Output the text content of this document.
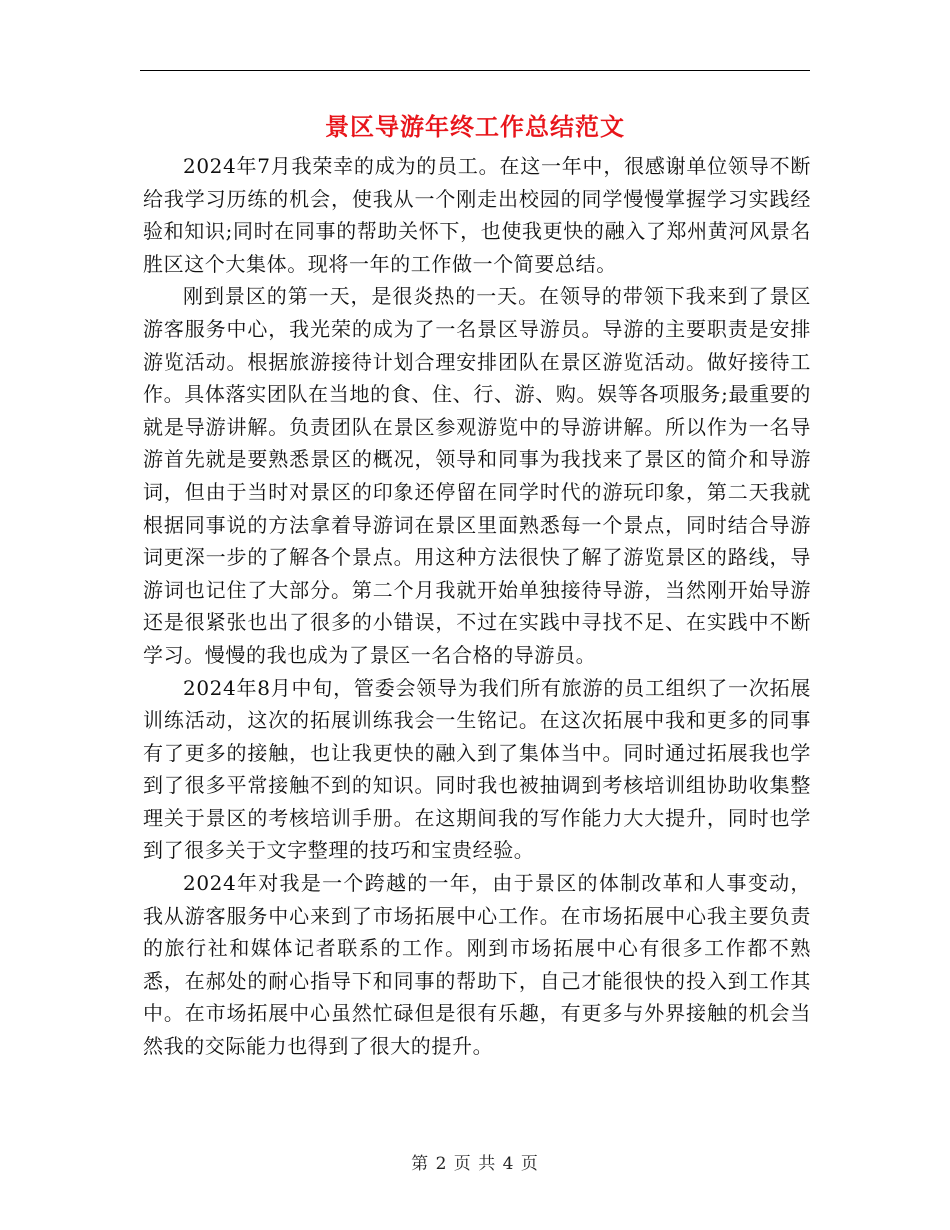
景区导游年终工作总结范文

2024年7月我荣幸的成为的员工。在这一年中，很感谢单位领导不断给我学习历练的机会，使我从一个刚走出校园的同学慢慢掌握学习实践经验和知识;同时在同事的帮助关怀下，也使我更快的融入了郑州黄河风景名胜区这个大集体。现将一年的工作做一个简要总结。

刚到景区的第一天，是很炎热的一天。在领导的带领下我来到了景区游客服务中心，我光荣的成为了一名景区导游员。导游的主要职责是安排游览活动。根据旅游接待计划合理安排团队在景区游览活动。做好接待工作。具体落实团队在当地的食、住、行、游、购。娱等各项服务;最重要的就是导游讲解。负责团队在景区参观游览中的导游讲解。所以作为一名导游首先就是要熟悉景区的概况，领导和同事为我找来了景区的简介和导游词，但由于当时对景区的印象还停留在同学时代的游玩印象，第二天我就根据同事说的方法拿着导游词在景区里面熟悉每一个景点，同时结合导游词更深一步的了解各个景点。用这种方法很快了解了游览景区的路线，导游词也记住了大部分。第二个月我就开始单独接待导游，当然刚开始导游还是很紧张也出了很多的小错误，不过在实践中寻找不足、在实践中不断学习。慢慢的我也成为了景区一名合格的导游员。

2024年8月中旬，管委会领导为我们所有旅游的员工组织了一次拓展训练活动，这次的拓展训练我会一生铭记。在这次拓展中我和更多的同事有了更多的接触，也让我更快的融入到了集体当中。同时通过拓展我也学到了很多平常接触不到的知识。同时我也被抽调到考核培训组协助收集整理关于景区的考核培训手册。在这期间我的写作能力大大提升，同时也学到了很多关于文字整理的技巧和宝贵经验。

2024年对我是一个跨越的一年，由于景区的体制改革和人事变动，我从游客服务中心来到了市场拓展中心工作。在市场拓展中心我主要负责的旅行社和媒体记者联系的工作。刚到市场拓展中心有很多工作都不熟悉，在郝处的耐心指导下和同事的帮助下，自己才能很快的投入到工作其中。在市场拓展中心虽然忙碌但是很有乐趣，有更多与外界接触的机会当然我的交际能力也得到了很大的提升。

第 2 页 共 4 页
